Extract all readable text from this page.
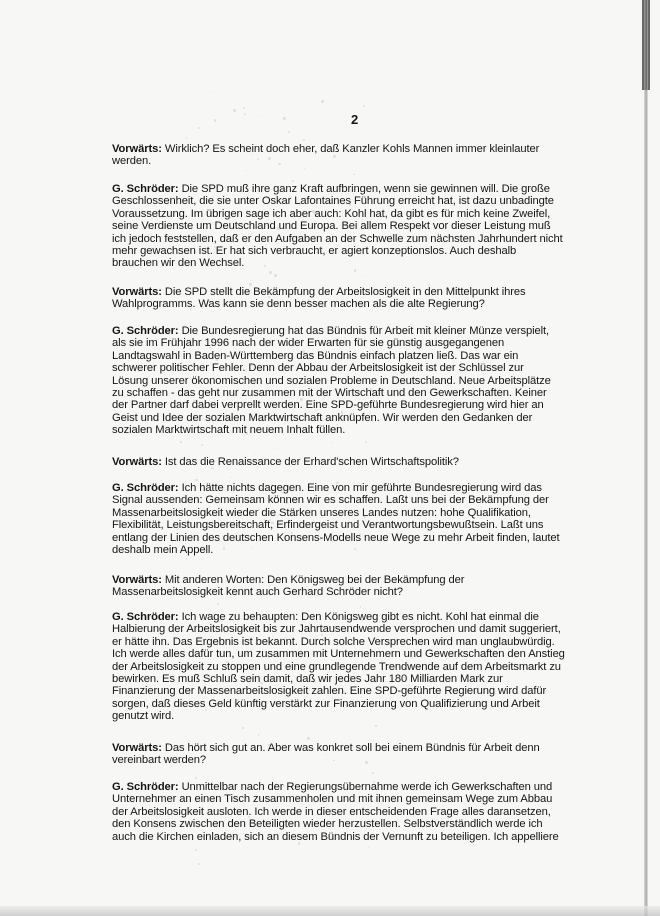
2
Vorwärts: Wirklich? Es scheint doch eher, daß Kanzler Kohls Mannen immer kleinlauter
werden.
G. Schröder: Die SPD muß ihre ganz Kraft aufbringen, wenn sie gewinnen will. Die große
Geschlossenheit, die sie unter Oskar Lafontaines Führung erreicht hat, ist dazu unbadingte
Voraussetzung. Im übrigen sage ich aber auch: Kohl hat, da gibt es für mich keine Zweifel,
seine Verdienste um Deutschland und Europa. Bei allem Respekt vor dieser Leistung muß
ich jedoch feststellen, daß er den Aufgaben an der Schwelle zum nächsten Jahrhundert nicht
mehr gewachsen ist. Er hat sich verbraucht, er agiert konzeptionslos. Auch deshalb
brauchen wir den Wechsel.
Vorwärts: Die SPD stellt die Bekämpfung der Arbeitslosigkeit in den Mittelpunkt ihres
Wahlprogramms. Was kann sie denn besser machen als die alte Regierung?
G. Schröder: Die Bundesregierung hat das Bündnis für Arbeit mit kleiner Münze verspielt,
als sie im Frühjahr 1996 nach der wider Erwarten für sie günstig ausgegangenen
Landtagswahl in Baden-Württemberg das Bündnis einfach platzen ließ. Das war ein
schwerer politischer Fehler. Denn der Abbau der Arbeitslosigkeit ist der Schlüssel zur
Lösung unserer ökonomischen und sozialen Probleme in Deutschland. Neue Arbeitsplätze
zu schaffen - das geht nur zusammen mit der Wirtschaft und den Gewerkschaften. Keiner
der Partner darf dabei verprellt werden. Eine SPD-geführte Bundesregierung wird hier an
Geist und Idee der sozialen Marktwirtschaft anknüpfen. Wir werden den Gedanken der
sozialen Marktwirtschaft mit neuem Inhalt füllen.
Vorwärts: Ist das die Renaissance der Erhard'schen Wirtschaftspolitik?
G. Schröder: Ich hätte nichts dagegen. Eine von mir geführte Bundesregierung wird das
Signal aussenden: Gemeinsam können wir es schaffen. Laßt uns bei der Bekämpfung der
Massenarbeitslosigkeit wieder die Stärken unseres Landes nutzen: hohe Qualifikation,
Flexibilität, Leistungsbereitschaft, Erfindergeist und Verantwortungsbewußtsein. Laßt uns
entlang der Linien des deutschen Konsens-Modells neue Wege zu mehr Arbeit finden, lautet
deshalb mein Appell.
Vorwärts: Mit anderen Worten: Den Königsweg bei der Bekämpfung der
Massenarbeitslosigkeit kennt auch Gerhard Schröder nicht?
G. Schröder: Ich wage zu behaupten: Den Königsweg gibt es nicht. Kohl hat einmal die
Halbierung der Arbeitslosigkeit bis zur Jahrtausendwende versprochen und damit suggeriert,
er hätte ihn. Das Ergebnis ist bekannt. Durch solche Versprechen wird man unglaubwürdig.
Ich werde alles dafür tun, um zusammen mit Unternehmern und Gewerkschaften den Anstieg
der Arbeitslosigkeit zu stoppen und eine grundlegende Trendwende auf dem Arbeitsmarkt zu
bewirken. Es muß Schluß sein damit, daß wir jedes Jahr 180 Milliarden Mark zur
Finanzierung der Massenarbeitslosigkeit zahlen. Eine SPD-geführte Regierung wird dafür
sorgen, daß dieses Geld künftig verstärkt zur Finanzierung von Qualifizierung und Arbeit
genutzt wird.
Vorwärts: Das hört sich gut an. Aber was konkret soll bei einem Bündnis für Arbeit denn
vereinbart werden?
G. Schröder: Unmittelbar nach der Regierungsübernahme werde ich Gewerkschaften und
Unternehmer an einen Tisch zusammenholen und mit ihnen gemeinsam Wege zum Abbau
der Arbeitslosigkeit ausloten. Ich werde in dieser entscheidenden Frage alles daransetzen,
den Konsens zwischen den Beteiligten wieder herzustellen. Selbstverständlich werde ich
auch die Kirchen einladen, sich an diesem Bündnis der Vernunft zu beteiligen. Ich appelliere
